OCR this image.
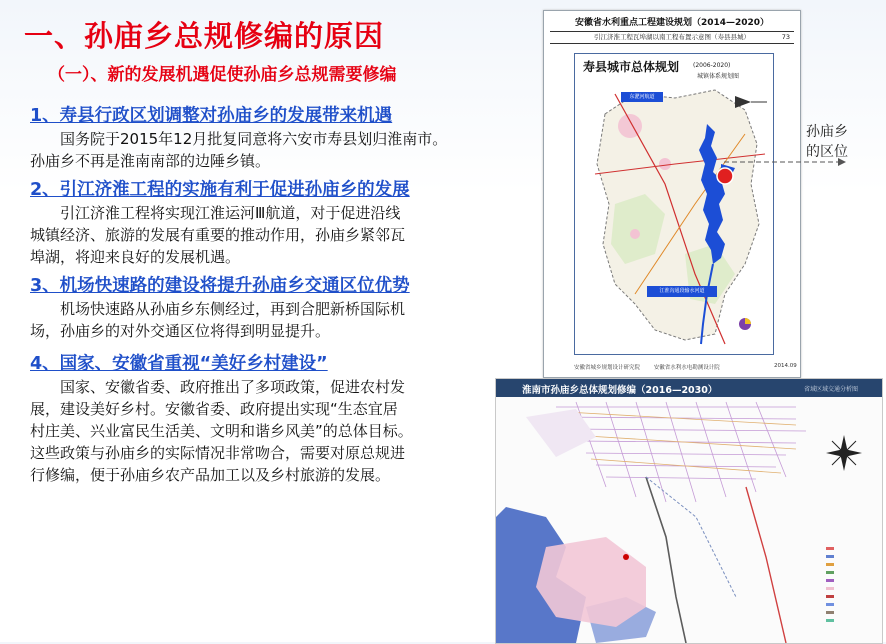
一、孙庙乡总规修编的原因
（一）、新的发展机遇促使孙庙乡总规需要修编
1、寿县行政区划调整对孙庙乡的发展带来机遇
国务院于2015年12月批复同意将六安市寿县划归淮南市。
孙庙乡不再是淮南南部的边陲乡镇。
2、引江济淮工程的实施有利于促进孙庙乡的发展
引江济淮工程将实现江淮运河Ⅲ航道，对于促进沿线
城镇经济、旅游的发展有重要的推动作用，孙庙乡紧邻瓦
埠湖，将迎来良好的发展机遇。
3、机场快速路的建设将提升孙庙乡交通区位优势
机场快速路从孙庙乡东侧经过，再到合肥新桥国际机
场，孙庙乡的对外交通区位将得到明显提升。
4、国家、安徽省重视“美好乡村建设”
国家、安徽省委、政府推出了多项政策，促进农村发
展，建设美好乡村。安徽省委、政府提出实现“生态宜居
村庄美、兴业富民生活美、文明和谐乡风美”的总体目标。
这些政策与孙庙乡的实际情况非常吻合，需要对原总规进
行修编，便于孙庙乡农产品加工以及乡村旅游的发展。
安徽省水利重点工程建设规划（2014—2020）
引江济淮工程瓦埠湖以南工程布置示意图（寿县县城）	73
寿县城市总体规划 (2006-2020)
城镇体系规划图
东淝河航道
江淮沟通段输水河道
安徽省城乡规划设计研究院	安徽省水利水电勘测设计院	2014.09
孙庙乡
的区位
淮南市孙庙乡总体规划修编（2016—2030）	省域区域交通分析图
